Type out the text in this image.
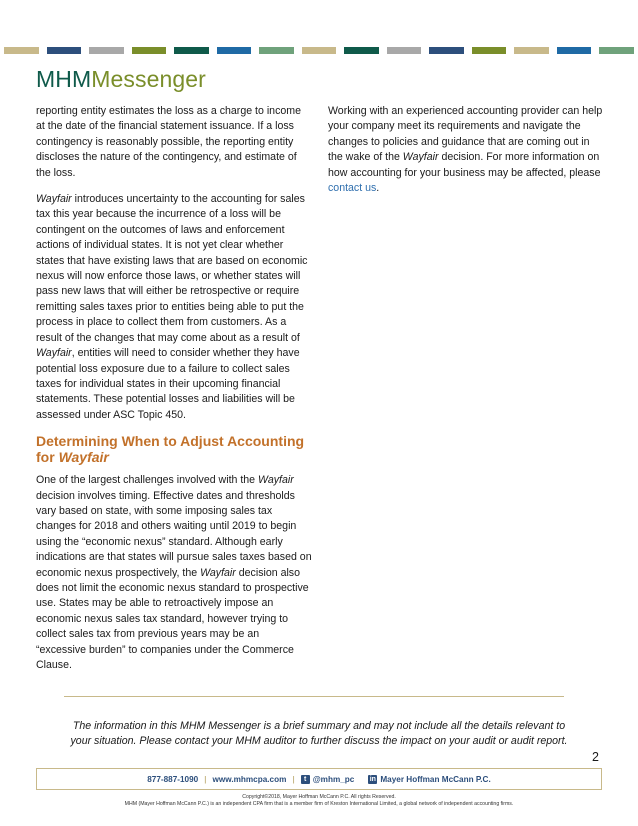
MHMMessenger

reporting entity estimates the loss as a charge to income at the date of the financial statement issuance. If a loss contingency is reasonably possible, the reporting entity discloses the nature of the contingency, and estimate of the loss.

Wayfair introduces uncertainty to the accounting for sales tax this year because the incurrence of a loss will be contingent on the outcomes of laws and enforcement actions of individual states. It is not yet clear whether states that have existing laws that are based on economic nexus will now enforce those laws, or whether states will pass new laws that will either be retrospective or require remitting sales taxes prior to entities being able to put the process in place to collect them from customers. As a result of the changes that may come about as a result of Wayfair, entities will need to consider whether they have potential loss exposure due to a failure to collect sales taxes for individual states in their upcoming financial statements. These potential losses and liabilities will be assessed under ASC Topic 450.

Determining When to Adjust Accounting for Wayfair

One of the largest challenges involved with the Wayfair decision involves timing. Effective dates and thresholds vary based on state, with some imposing sales tax changes for 2018 and others waiting until 2019 to begin using the “economic nexus” standard. Although early indications are that states will pursue sales taxes based on economic nexus prospectively, the Wayfair decision also does not limit the economic nexus standard to prospective use. States may be able to retroactively impose an economic nexus sales tax standard, however trying to collect sales tax from previous years may be an “excessive burden” to companies under the Commerce Clause.

Working with an experienced accounting provider can help your company meet its requirements and navigate the changes to policies and guidance that are coming out in the wake of the Wayfair decision. For more information on how accounting for your business may be affected, please contact us.

The information in this MHM Messenger is a brief summary and may not include all the details relevant to your situation. Please contact your MHM auditor to further discuss the impact on your audit or audit report.
2
877-887-1090 | www.mhmcpa.com |	t @mhm_pc in Mayer Hoffman McCann P.C.
Copyright©2018, Mayer Hoffman McCann P.C. All rights Reserved.
MHM (Mayer Hoffman McCann P.C.) is an independent CPA firm that is a member firm of Kreston International Limited, a global network of independent accounting firms.
